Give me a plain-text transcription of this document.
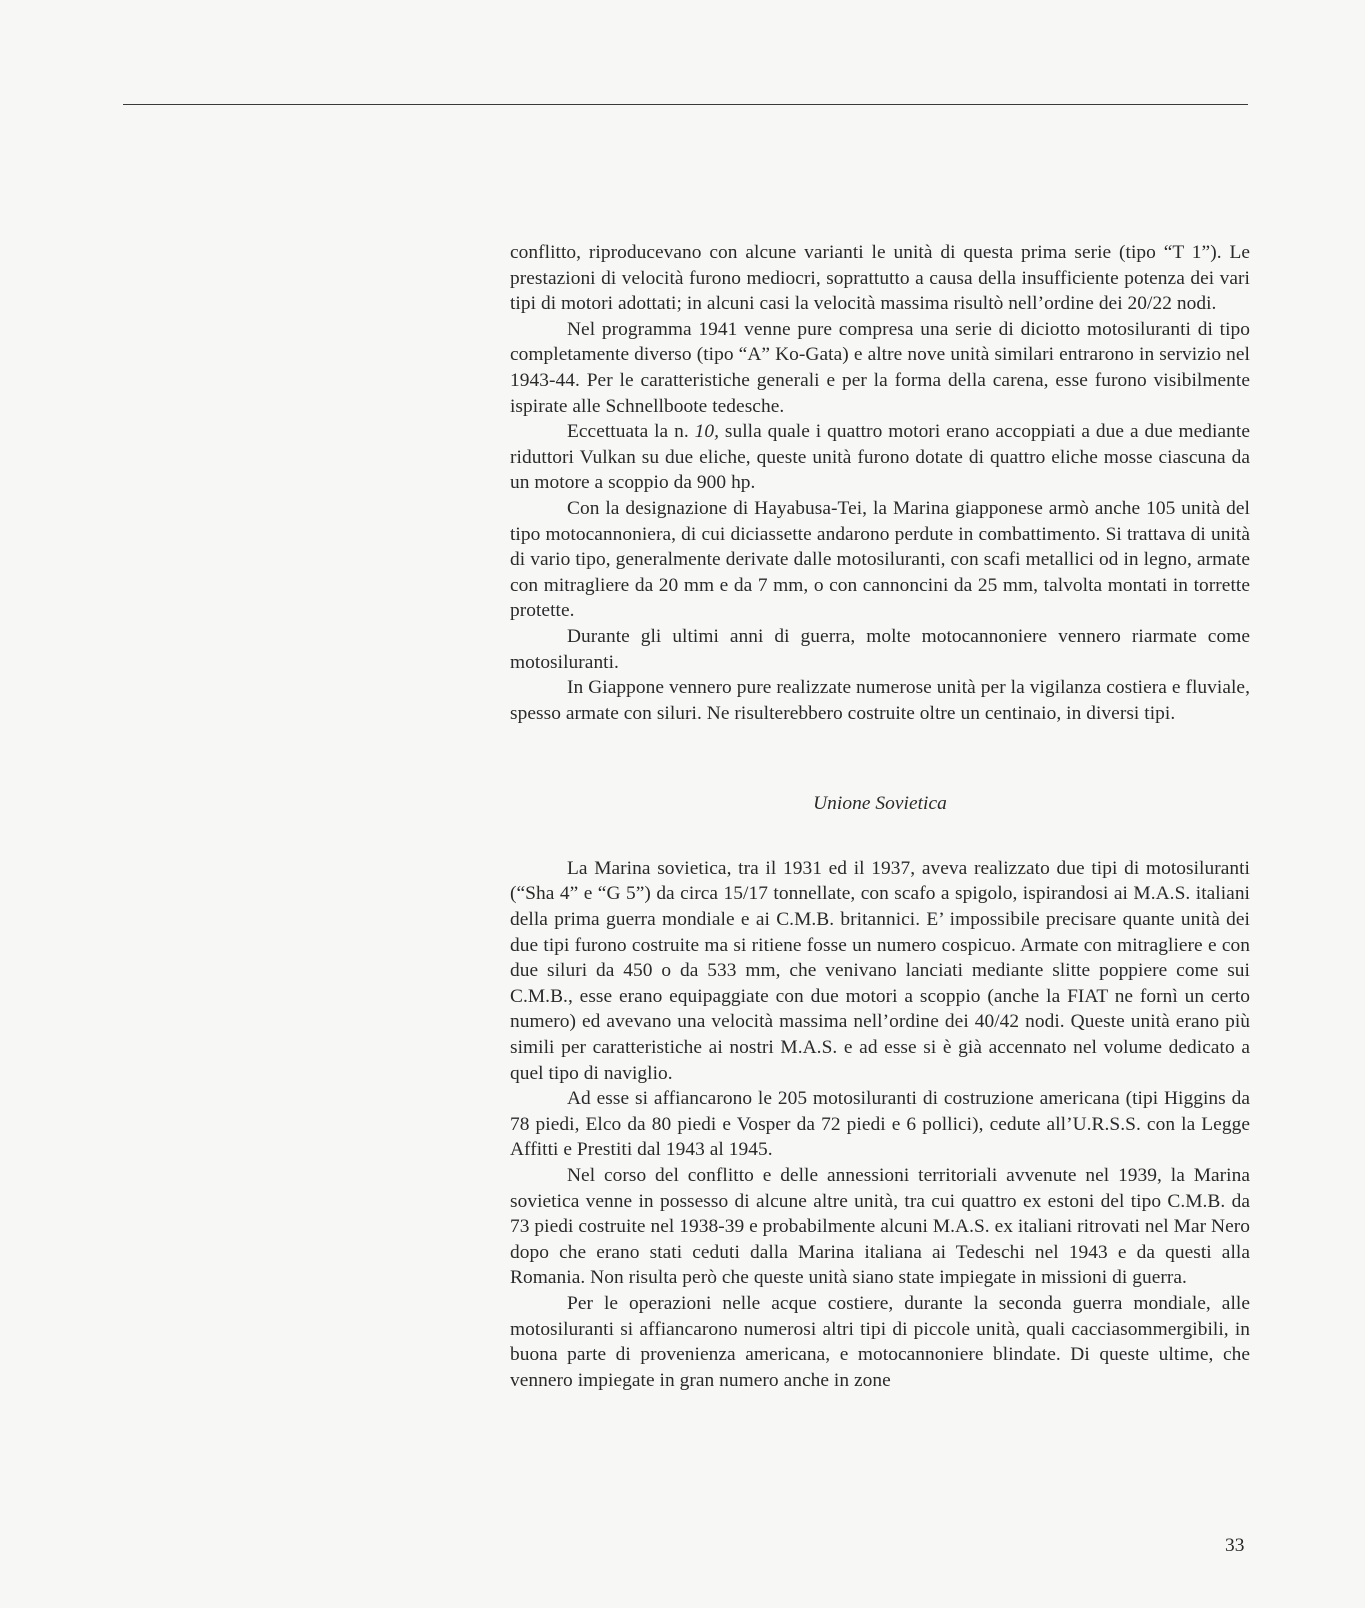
conflitto, riproducevano con alcune varianti le unità di questa prima serie (tipo “T 1”). Le prestazioni di velocità furono mediocri, soprattutto a causa della insufficiente potenza dei vari tipi di motori adottati; in alcuni casi la velocità massima risultò nell’ordine dei 20/22 nodi.

Nel programma 1941 venne pure compresa una serie di diciotto motosiluranti di tipo completamente diverso (tipo “A” Ko-Gata) e altre nove unità similari entrarono in servizio nel 1943-44. Per le caratteristiche generali e per la forma della carena, esse furono visibilmente ispirate alle Schnellboote tedesche.

Eccettuata la n. 10, sulla quale i quattro motori erano accoppiati a due a due mediante riduttori Vulkan su due eliche, queste unità furono dotate di quattro eliche mosse ciascuna da un motore a scoppio da 900 hp.

Con la designazione di Hayabusa-Tei, la Marina giapponese armò anche 105 unità del tipo motocannoniera, di cui diciassette andarono perdute in combattimento. Si trattava di unità di vario tipo, generalmente derivate dalle motosiluranti, con scafi metallici od in legno, armate con mitragliere da 20 mm e da 7 mm, o con cannoncini da 25 mm, talvolta montati in torrette protette.

Durante gli ultimi anni di guerra, molte motocannoniere vennero riarmate come motosiluranti.

In Giappone vennero pure realizzate numerose unità per la vigilanza costiera e fluviale, spesso armate con siluri. Ne risulterebbero costruite oltre un centinaio, in diversi tipi.

Unione Sovietica

La Marina sovietica, tra il 1931 ed il 1937, aveva realizzato due tipi di motosiluranti (“Sha 4” e “G 5”) da circa 15/17 tonnellate, con scafo a spigolo, ispirandosi ai M.A.S. italiani della prima guerra mondiale e ai C.M.B. britannici. E’ impossibile precisare quante unità dei due tipi furono costruite ma si ritiene fosse un numero cospicuo. Armate con mitragliere e con due siluri da 450 o da 533 mm, che venivano lanciati mediante slitte poppiere come sui C.M.B., esse erano equipaggiate con due motori a scoppio (anche la FIAT ne fornì un certo numero) ed avevano una velocità massima nell’ordine dei 40/42 nodi. Queste unità erano più simili per caratteristiche ai nostri M.A.S. e ad esse si è già accennato nel volume dedicato a quel tipo di naviglio.

Ad esse si affiancarono le 205 motosiluranti di costruzione americana (tipi Higgins da 78 piedi, Elco da 80 piedi e Vosper da 72 piedi e 6 pollici), cedute all’U.R.S.S. con la Legge Affitti e Prestiti dal 1943 al 1945.

Nel corso del conflitto e delle annessioni territoriali avvenute nel 1939, la Marina sovietica venne in possesso di alcune altre unità, tra cui quattro ex estoni del tipo C.M.B. da 73 piedi costruite nel 1938-39 e probabilmente alcuni M.A.S. ex italiani ritrovati nel Mar Nero dopo che erano stati ceduti dalla Marina italiana ai Tedeschi nel 1943 e da questi alla Romania. Non risulta però che queste unità siano state impiegate in missioni di guerra.

Per le operazioni nelle acque costiere, durante la seconda guerra mondiale, alle motosiluranti si affiancarono numerosi altri tipi di piccole unità, quali cacciasommergibili, in buona parte di provenienza americana, e motocannoniere blindate. Di queste ultime, che vennero impiegate in gran numero anche in zone

33
